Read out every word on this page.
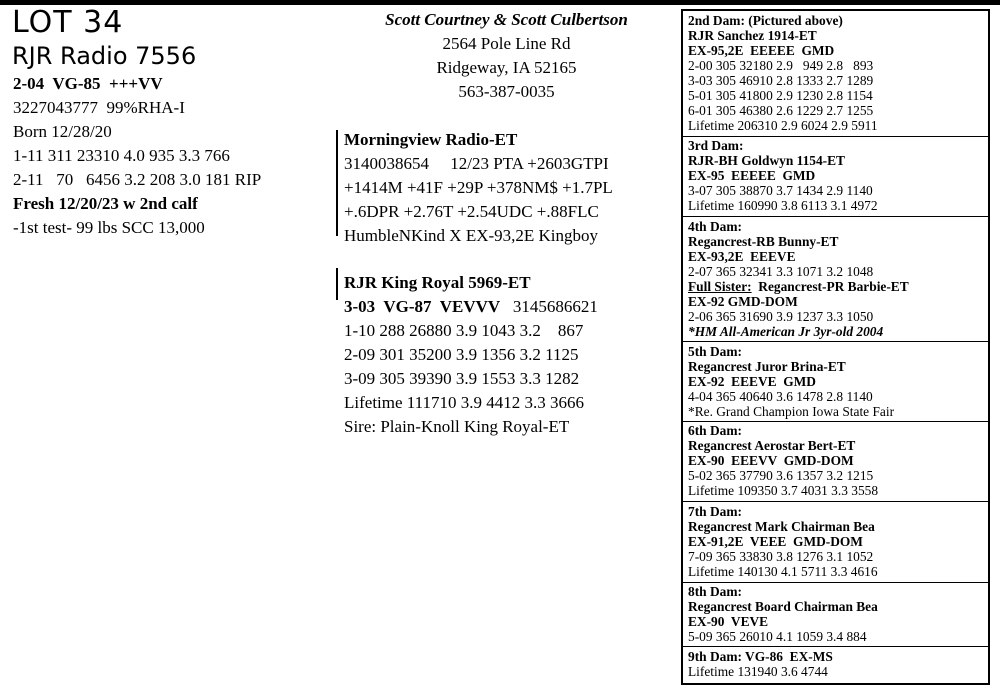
LOT 34
RJR Radio 7556
2-04  VG-85  +++VV
3227043777  99%RHA-I
Born 12/28/20
1-11 311 23310 4.0 935 3.3 766
2-11   70   6456 3.2 208 3.0 181 RIP
Fresh 12/20/23 w 2nd calf
-1st test- 99 lbs SCC 13,000
Scott Courtney & Scott Culbertson
2564 Pole Line Rd
Ridgeway, IA 52165
563-387-0035
Morningview Radio-ET
3140038654     12/23 PTA +2603GTPI
+1414M +41F +29P +378NM$ +1.7PL
+.6DPR +2.76T +2.54UDC +.88FLC
HumbleNKind X EX-93,2E Kingboy
RJR King Royal 5969-ET
3-03  VG-87  VEVVV 3145686621
1-10 288 26880 3.9 1043 3.2    867
2-09 301 35200 3.9 1356 3.2 1125
3-09 305 39390 3.9 1553 3.3 1282
Lifetime 111710 3.9 4412 3.3 3666
Sire: Plain-Knoll King Royal-ET
2nd Dam: (Pictured above)
RJR Sanchez 1914-ET
EX-95,2E  EEEEE  GMD
2-00 305 32180 2.9   949 2.8   893
3-03 305 46910 2.8 1333 2.7 1289
5-01 305 41800 2.9 1230 2.8 1154
6-01 305 46380 2.6 1229 2.7 1255
Lifetime 206310 2.9 6024 2.9 5911
3rd Dam:
RJR-BH Goldwyn 1154-ET
EX-95  EEEEE  GMD
3-07 305 38870 3.7 1434 2.9 1140
Lifetime 160990 3.8 6113 3.1 4972
4th Dam:
Regancrest-RB Bunny-ET
EX-93,2E  EEEVE
2-07 365 32341 3.3 1071 3.2 1048
Full Sister:  Regancrest-PR Barbie-ET
EX-92 GMD-DOM
2-06 365 31690 3.9 1237 3.3 1050
*HM All-American Jr 3yr-old 2004
5th Dam:
Regancrest Juror Brina-ET
EX-92  EEEVE  GMD
4-04 365 40640 3.6 1478 2.8 1140
*Re. Grand Champion Iowa State Fair
6th Dam:
Regancrest Aerostar Bert-ET
EX-90  EEEVV  GMD-DOM
5-02 365 37790 3.6 1357 3.2 1215
Lifetime 109350 3.7 4031 3.3 3558
7th Dam:
Regancrest Mark Chairman Bea
EX-91,2E  VEEE  GMD-DOM
7-09 365 33830 3.8 1276 3.1 1052
Lifetime 140130 4.1 5711 3.3 4616
8th Dam:
Regancrest Board Chairman Bea
EX-90  VEVE
5-09 365 26010 4.1 1059 3.4 884
9th Dam: VG-86  EX-MS
Lifetime 131940 3.6 4744
